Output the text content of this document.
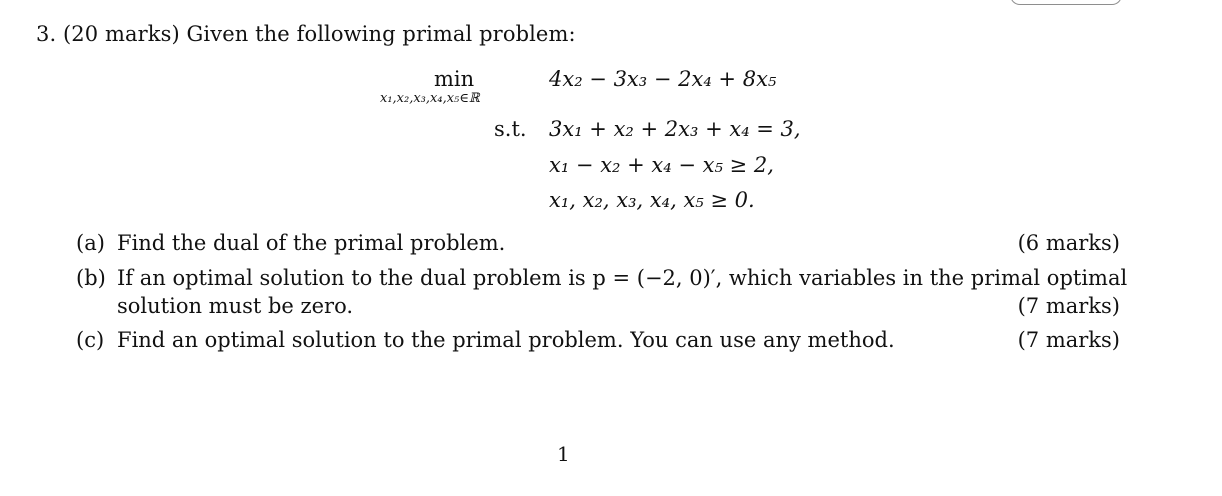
3. (20 marks) Given the following primal problem:
min
x₁,x₂,x₃,x₄,x₅∈ℝ
4x₂ − 3x₃ − 2x₄ + 8x₅
s.t. 3x₁ + x₂ + 2x₃ + x₄ = 3,
x₁ − x₂ + x₄ − x₅ ≥ 2,
x₁, x₂, x₃, x₄, x₅ ≥ 0.
(a) Find the dual of the primal problem.	(6 marks)
(b) If an optimal solution to the dual problem is p = (−2, 0)′, which variables in the primal optimal
solution must be zero.	(7 marks)
(c) Find an optimal solution to the primal problem. You can use any method.	(7 marks)
1
